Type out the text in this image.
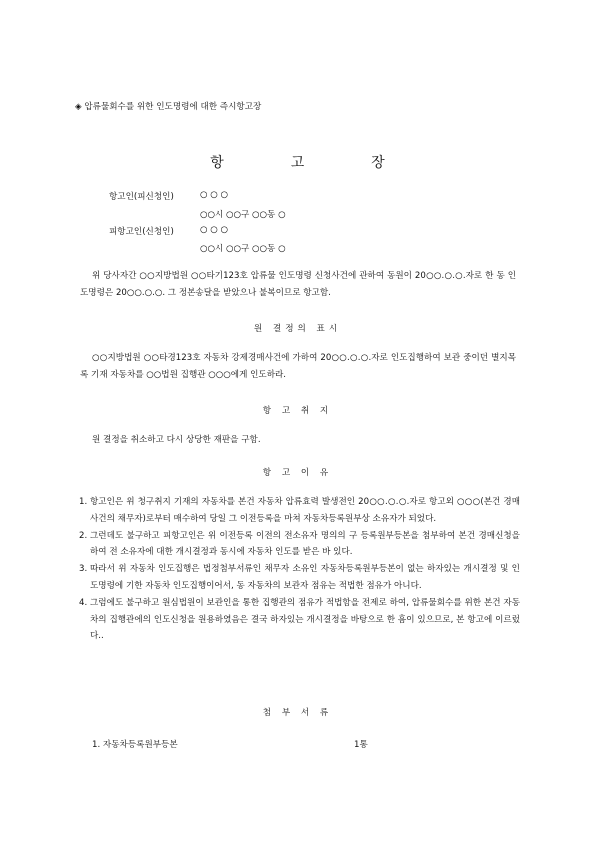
◈ 압류물회수를 위한 인도명령에 대한 즉시항고장
항	고	장
항고인(피신청인)	○ ○ ○
○○시 ○○구 ○○동 ○
피항고인(신청인)	○ ○ ○
○○시 ○○구 ○○동 ○
위 당사자간 ○○지방법원 ○○타기123호 압류물 인도명령 신청사건에 관하여 동원이 20○○.○.○.자로 한 동 인도명령은 20○○.○.○. 그 정본송달을 받았으나 불복이므로 항고함.
원 결정의 표시
○○지방법원 ○○타경123호 자동차 강제경매사건에 가하여 20○○.○.○.자로 인도집행하여 보관 중이던 별지목록 기재 자동차를 ○○법원 집행관 ○○○에게 인도하라.
항 고 취 지
원 결정을 취소하고 다시 상당한 재판을 구함.
항 고 이 유
1. 항고인은 위 청구취지 기재의 자동차를 본건 자동차 압류효력 발생전인 20○○.○.○.자로 항고외 ○○○(본건 경매사건의 채무자)로부터 매수하여 당일 그 이전등록을 마쳐 자동차등록원부상 소유자가 되었다.
2. 그런데도 불구하고 피항고인은 위 이전등록 이전의 전소유자 명의의 구 등록원부등본을 첨부하여 본건 경매신청을 하여 전 소유자에 대한 개시결정과 동시에 자동차 인도를 받은 바 있다.
3. 따라서 위 자동차 인도집행은 법정첨부서류인 채무자 소유인 자동차등록원부등본이 없는 하자있는 개시결정 및 인도명령에 기한 자동차 인도집행이어서, 동 자동차의 보관자 점유는 적법한 점유가 아니다.
4. 그럼에도 불구하고 원심법원이 보관인을 통한 집행관의 점유가 적법함을 전제로 하여, 압류물회수를 위한 본건 자동차의 집행관에의 인도신청을 원용하였음은 결국 하자있는 개시결정을 바탕으로 한 흠이 있으므로, 본 항고에 이르렀다..
첨 부 서 류
1. 자동차등록원부등본	1통
